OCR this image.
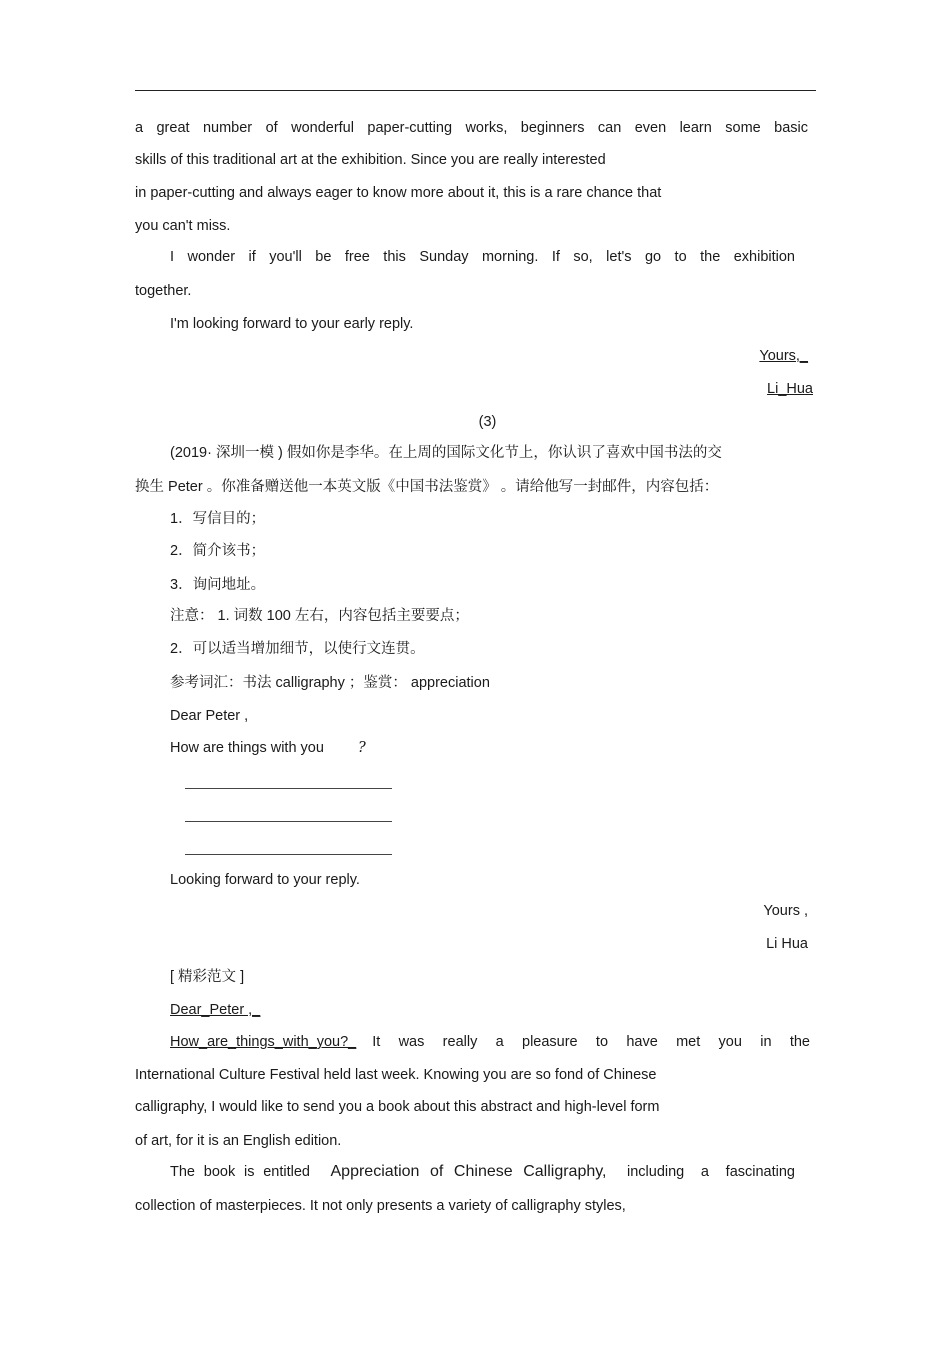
a great number of wonderful paper-cutting works, beginners can even learn some basic
skills of this traditional art at the exhibition. Since you are really interested
in paper-cutting and always eager to know more about it, this is a rare chance that
you can't miss.
I wonder if you'll be free this Sunday morning. If so, let's go to the exhibition
together.
I'm looking forward to your early reply.
Yours,_
Li_Hua
(3)
(2019· 深圳一模 ) 假如你是李华。在上周的国际文化节上，你认识了喜欢中国书法的交
换生 Peter 。你准备赠送他一本英文版《中国书法鉴赏》 。请给他写一封邮件，内容包括：
1．写信目的；
2．简介该书；
3．询问地址。
注意： 1. 词数 100 左右，内容包括主要要点；
2．可以适当增加细节，以使行文连贯。
参考词汇：书法 calligraphy ；鉴赏： appreciation
Dear Peter ,
How are things with you ?
Looking forward to your reply.
Yours ,
Li Hua
[ 精彩范文 ]
Dear_Peter ,_
How_are_things_with_you?_ It was really a pleasure to have met you in the
International Culture Festival held last week. Knowing you are so fond of Chinese
calligraphy, I would like to send you a book about this abstract and high-level form
of art, for it is an English edition.
The book is entitled Appreciation of Chinese Calligraphy, including a fascinating
collection of masterpieces. It not only presents a variety of calligraphy styles,
